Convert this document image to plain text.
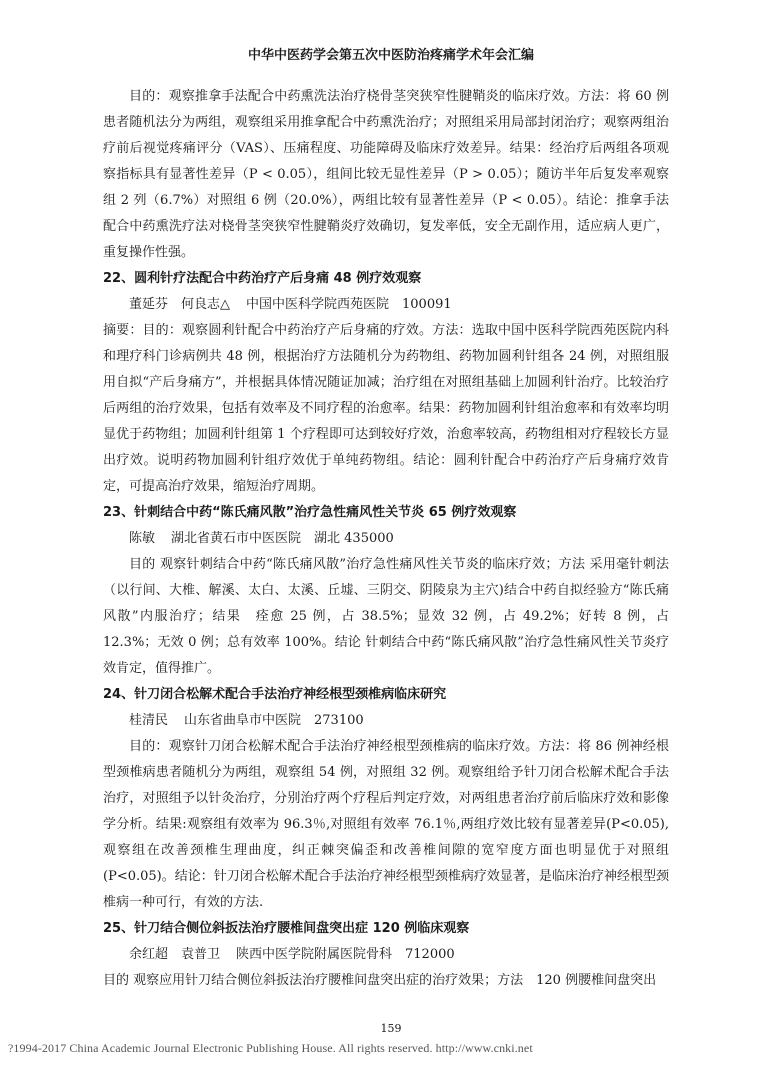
中华中医药学会第五次中医防治疼痛学术年会汇编

目的：观察推拿手法配合中药熏洗法治疗桡骨茎突狭窄性腱鞘炎的临床疗效。方法：将 60 例患者随机法分为两组，观察组采用推拿配合中药熏洗治疗；对照组采用局部封闭治疗；观察两组治疗前后视觉疼痛评分（VAS）、压痛程度、功能障碍及临床疗效差异。结果：经治疗后两组各项观察指标具有显著性差异（P < 0.05），组间比较无显性差异（P > 0.05）；随访半年后复发率观察组 2 列（6.7%）对照组 6 例（20.0%），两组比较有显著性差异（P < 0.05）。结论：推拿手法配合中药熏洗疗法对桡骨茎突狭窄性腱鞘炎疗效确切，复发率低，安全无副作用，适应病人更广，重复操作性强。

22、圆利针疗法配合中药治疗产后身痛 48 例疗效观察

董延芬　何良志△ 中国中医科学院西苑医院　100091

摘要：目的：观察圆利针配合中药治疗产后身痛的疗效。方法：选取中国中医科学院西苑医院内科和理疗科门诊病例共 48 例，根据治疗方法随机分为药物组、药物加圆利针组各 24 例，对照组服用自拟“产后身痛方”，并根据具体情况随证加减；治疗组在对照组基础上加圆利针治疗。比较治疗后两组的治疗效果，包括有效率及不同疗程的治愈率。结果：药物加圆利针组治愈率和有效率均明显优于药物组；加圆利针组第 1 个疗程即可达到较好疗效，治愈率较高，药物组相对疗程较长方显出疗效。说明药物加圆利针组疗效优于单纯药物组。结论：圆利针配合中药治疗产后身痛疗效肯定，可提高治疗效果，缩短治疗周期。

23、针刺结合中药“陈氏痛风散”治疗急性痛风性关节炎 65 例疗效观察

陈敏 湖北省黄石市中医医院　湖北 435000

目的 观察针刺结合中药“陈氏痛风散”治疗急性痛风性关节炎的临床疗效；方法 采用毫针刺法（以行间、大椎、解溪、太白、太溪、丘墟、三阴交、阴陵泉为主穴)结合中药自拟经验方“陈氏痛风散”内服治疗；结果　痊愈 25 例，占 38.5%；显效 32 例，占 49.2%；好转 8 例，占 12.3%；无效 0 例；总有效率 100%。结论 针刺结合中药“陈氏痛风散”治疗急性痛风性关节炎疗效肯定，值得推广。

24、针刀闭合松解术配合手法治疗神经根型颈椎病临床研究

桂清民 山东省曲阜市中医院　273100

目的：观察针刀闭合松解术配合手法治疗神经根型颈椎病的临床疗效。方法：将 86 例神经根型颈椎病患者随机分为两组，观察组 54 例，对照组 32 例。观察组给予针刀闭合松解术配合手法治疗，对照组予以针灸治疗，分别治疗两个疗程后判定疗效，对两组患者治疗前后临床疗效和影像学分析。结果:观察组有效率为 96.3％,对照组有效率 76.1％,两组疗效比较有显著差异(P<0.05),观察组在改善颈椎生理曲度，纠正棘突偏歪和改善椎间隙的宽窄度方面也明显优于对照组(P<0.05)。结论：针刀闭合松解术配合手法治疗神经根型颈椎病疗效显著，是临床治疗神经根型颈椎病一种可行，有效的方法.

25、针刀结合侧位斜扳法治疗腰椎间盘突出症 120 例临床观察

余红超　袁普卫 陕西中医学院附属医院骨科　712000

目的 观察应用针刀结合侧位斜扳法治疗腰椎间盘突出症的治疗效果；方法　120 例腰椎间盘突出

159
?1994-2017 China Academic Journal Electronic Publishing House. All rights reserved. http://www.cnki.net
